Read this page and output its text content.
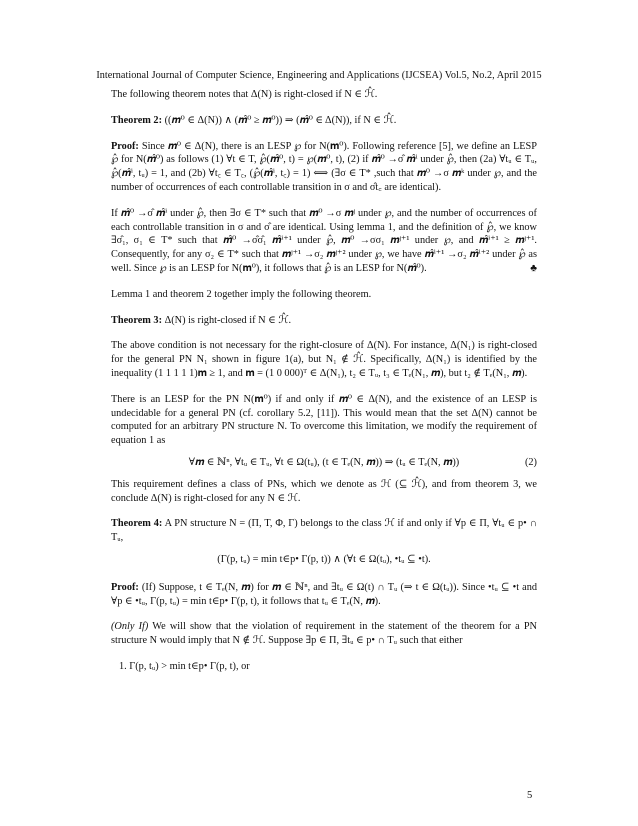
International Journal of Computer Science, Engineering and Applications (IJCSEA) Vol.5, No.2, April 2015

The following theorem notes that Δ(N) is right-closed if N ∈ ℋ̂.

Theorem 2: ((𝒎⁰ ∈ Δ(N)) ∧ (𝒎̂⁰ ≥ 𝒎⁰)) ⇒ (𝒎̂⁰ ∈ Δ(N)), if N ∈ ℋ̂.

Proof: Since 𝒎⁰ ∈ Δ(N), there is an LESP ℘ for N(𝐦⁰). Following reference [5], we define an LESP ℘̂ for N(𝒎̂⁰) as follows (1) ∀t ∈ T, ℘̂(𝒎̂⁰, t) = ℘(𝒎⁰, t), (2) if 𝒎̂⁰ →σ̂ 𝒎̂ⁱ under ℘̂, then (2a) ∀tᵤ ∈ Tᵤ, ℘̂(𝒎̂ⁱ, tᵤ) = 1, and (2b) ∀t꜀ ∈ T꜀, (℘̂(𝒎̂ⁱ, t꜀) = 1) ⟺ (∃σ ∈ T* ,such that 𝒎⁰ →σ 𝒎ᵏ under ℘, and the number of occurrences of each controllable transition in σ and σ̂t꜀ are identical).

If 𝒎̂⁰ →σ̂ 𝒎̂ⁱ under ℘̂, then ∃σ ∈ T* such that 𝒎⁰ →σ 𝒎ʲ under ℘, and the number of occurrences of each controllable transition in σ and σ̂ are identical. Using lemma 1, and the definition of ℘̂, we know ∃σ̂₁, σ₁ ∈ T* such that 𝒎̂⁰ →σ̂σ̂₁ 𝒎̂ⁱ⁺¹ under ℘̂, 𝒎⁰ →σσ₁ 𝒎ʲ⁺¹ under ℘, and 𝒎̂ⁱ⁺¹ ≥ 𝒎ʲ⁺¹. Consequently, for any σ₂ ∈ T* such that 𝒎ʲ⁺¹ →σ₂ 𝒎ʲ⁺² under ℘, we have 𝒎̂ⁱ⁺¹ →σ₂ 𝒎̂ⁱ⁺² under ℘̂ as well. Since ℘ is an LESP for N(𝐦⁰), it follows that ℘̂ is an LESP for N(𝒎̂⁰).	♣

Lemma 1 and theorem 2 together imply the following theorem.

Theorem 3: Δ(N) is right-closed if N ∈ ℋ̂.

The above condition is not necessary for the right-closure of Δ(N). For instance, Δ(N₁) is right-closed for the general PN N₁ shown in figure 1(a), but N₁ ∉ ℋ̂. Specifically, Δ(N₁) is identified by the inequality (1 1 1 1 1)𝐦 ≥ 1, and 𝐦 = (1 0 000)ᵀ ∈ Δ(N₁), t₂ ∈ Tᵤ, t₃ ∈ Tₑ(N₁, 𝒎), but t₂ ∉ Tₑ(N₁, 𝒎).

There is an LESP for the PN N(𝐦⁰) if and only if 𝒎⁰ ∈ Δ(N), and the existence of an LESP is undecidable for a general PN (cf. corollary 5.2, [11]). This would mean that the set Δ(N) cannot be computed for an arbitrary PN structure N. To overcome this limitation, we modify the requirement of equation 1 as

∀𝒎 ∈ ℕⁿ, ∀tᵤ ∈ Tᵤ, ∀t ∈ Ω(tᵤ), (t ∈ Tₑ(N, 𝒎)) ⇒ (tᵤ ∈ Tₑ(N, 𝒎))	(2)

This requirement defines a class of PNs, which we denote as ℋ (⊆ ℋ̂), and from theorem 3, we conclude Δ(N) is right-closed for any N ∈ ℋ.

Theorem 4: A PN structure N = (Π, T, Φ, Γ) belongs to the class ℋ if and only if ∀p ∈ Π, ∀tᵤ ∈ p• ∩ Tᵤ,

(Γ(p, tᵤ) = min t∈p• Γ(p, t)) ∧ (∀t ∈ Ω(tᵤ), •tᵤ ⊆ •t).

Proof: (If) Suppose, t ∈ Tₑ(N, 𝒎) for 𝒎 ∈ ℕⁿ, and ∃tᵤ ∈ Ω(t) ∩ Tᵤ (⇒ t ∈ Ω(tᵤ)). Since •tᵤ ⊆ •t and ∀p ∈ •tᵤ, Γ(p, tᵤ) = min t∈p• Γ(p, t), it follows that tᵤ ∈ Tₑ(N, 𝒎).

(Only If) We will show that the violation of requirement in the statement of the theorem for a PN structure N would imply that N ∉ ℋ. Suppose ∃p ∈ Π, ∃tᵤ ∈ p• ∩ Tᵤ such that either

1. Γ(p, tᵤ) > min t∈p• Γ(p, t), or

5
